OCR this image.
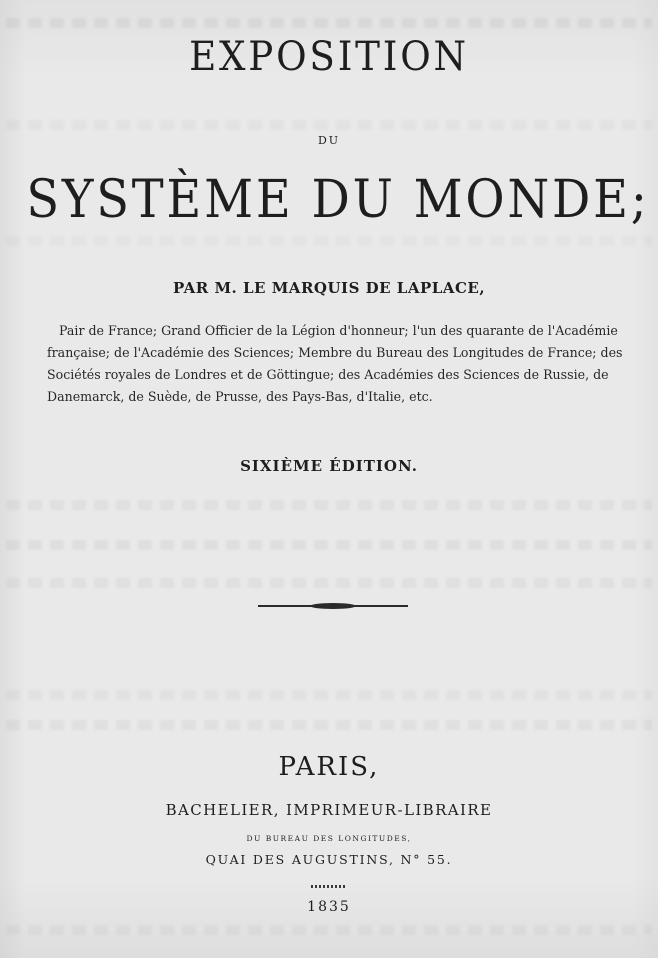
EXPOSITION
DU
SYSTÈME DU MONDE;
PAR M. LE MARQUIS DE LAPLACE,
Pair de France; Grand Officier de la Légion d'honneur; l'un des quarante de l'Académie
française; de l'Académie des Sciences; Membre du Bureau des Longitudes de France; des
Sociétés royales de Londres et de Göttingue; des Académies des Sciences de Russie, de
Danemarck, de Suède, de Prusse, des Pays-Bas, d'Italie, etc.
SIXIÈME ÉDITION.
PARIS,
BACHELIER, IMPRIMEUR-LIBRAIRE
DU BUREAU DES LONGITUDES,
QUAI DES AUGUSTINS, N° 55.
1835
